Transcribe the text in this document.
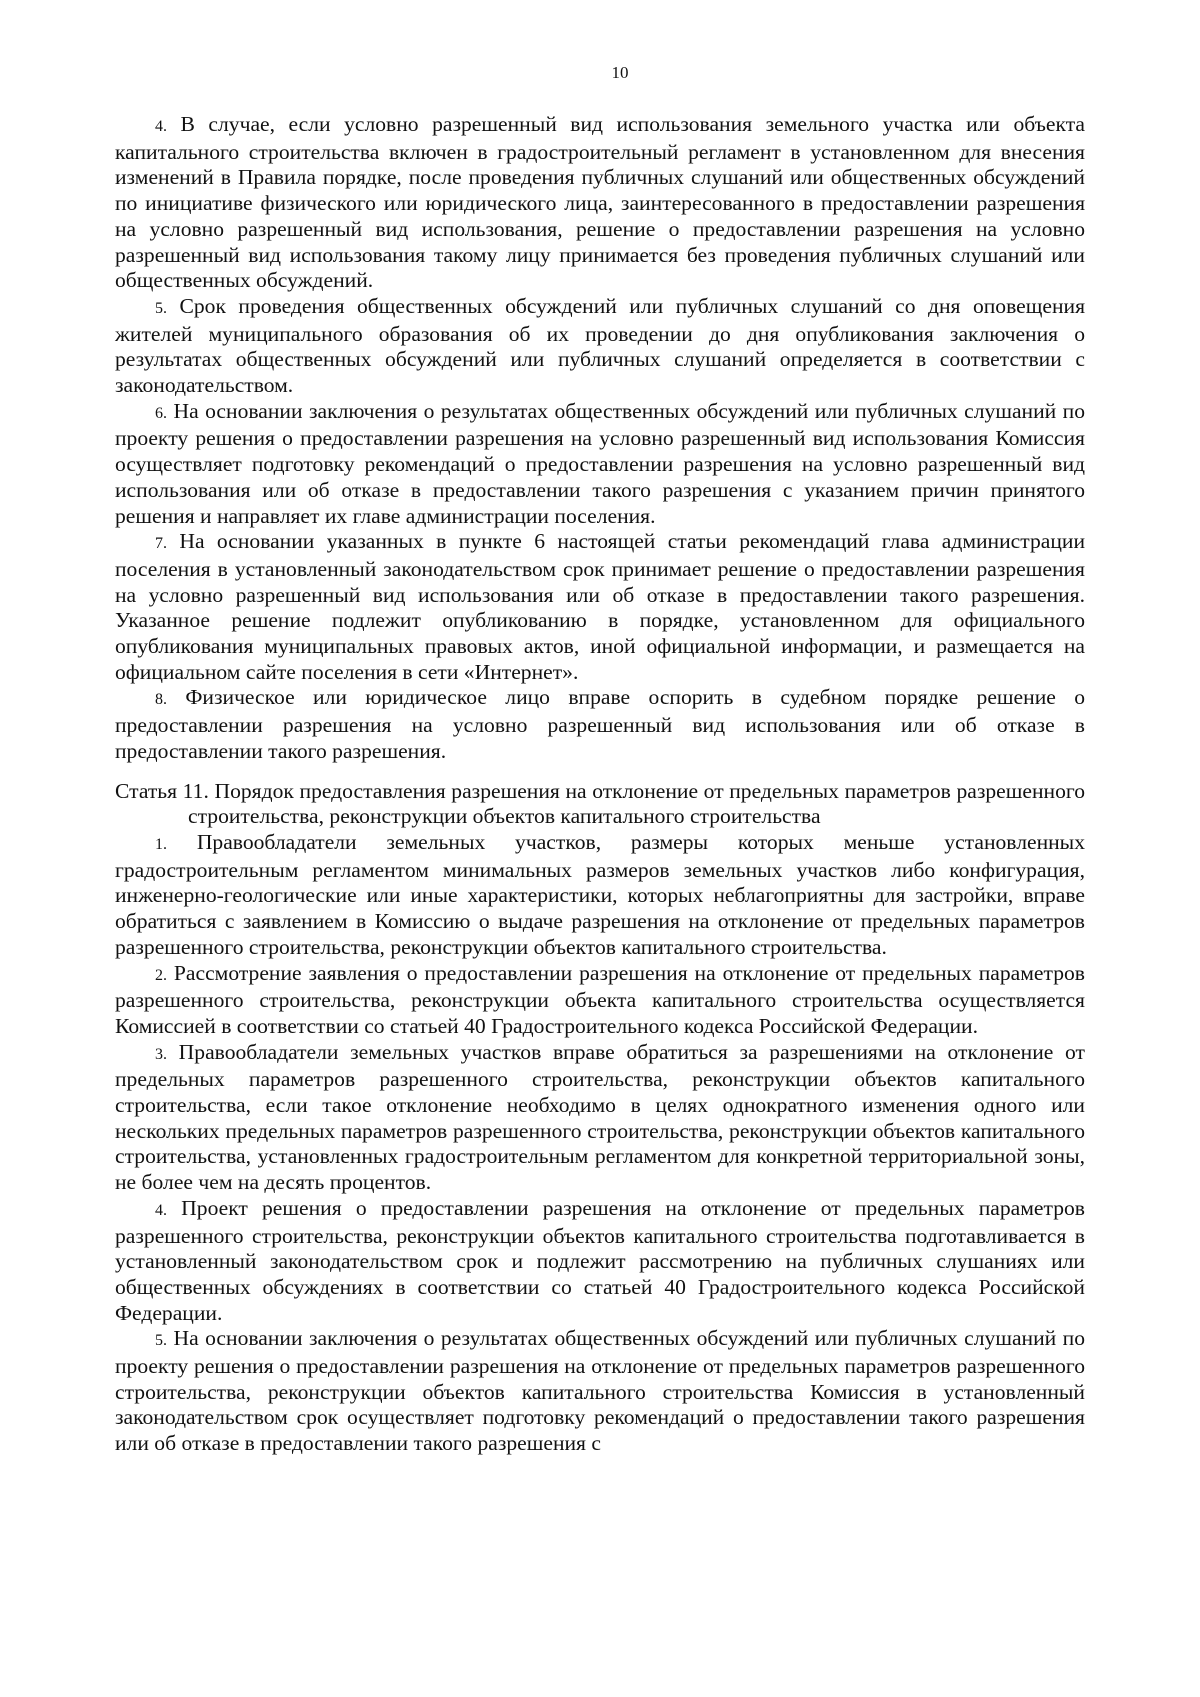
10

4. В случае, если условно разрешенный вид использования земельного участка или объекта капитального строительства включен в градостроительный регламент в установленном для внесения изменений в Правила порядке, после проведения публичных слушаний или общественных обсуждений по инициативе физического или юридического лица, заинтересованного в предоставлении разрешения на условно разрешенный вид использования, решение о предоставлении разрешения на условно разрешенный вид использования такому лицу принимается без проведения публичных слушаний или общественных обсуждений.

5. Срок проведения общественных обсуждений или публичных слушаний со дня оповещения жителей муниципального образования об их проведении до дня опубликования заключения о результатах общественных обсуждений или публичных слушаний определяется в соответствии с законодательством.

6. На основании заключения о результатах общественных обсуждений или публичных слушаний по проекту решения о предоставлении разрешения на условно разрешенный вид использования Комиссия осуществляет подготовку рекомендаций о предоставлении разрешения на условно разрешенный вид использования или об отказе в предоставлении такого разрешения с указанием причин принятого решения и направляет их главе администрации поселения.

7. На основании указанных в пункте 6 настоящей статьи рекомендаций глава администрации поселения в установленный законодательством срок принимает решение о предоставлении разрешения на условно разрешенный вид использования или об отказе в предоставлении такого разрешения. Указанное решение подлежит опубликованию в порядке, установленном для официального опубликования муниципальных правовых актов, иной официальной информации, и размещается на официальном сайте поселения в сети «Интернет».

8. Физическое или юридическое лицо вправе оспорить в судебном порядке решение о предоставлении разрешения на условно разрешенный вид использования или об отказе в предоставлении такого разрешения.

Статья 11. Порядок предоставления разрешения на отклонение от предельных параметров разрешенного строительства, реконструкции объектов капитального строительства

1. Правообладатели земельных участков, размеры которых меньше установленных градостроительным регламентом минимальных размеров земельных участков либо конфигурация, инженерно-геологические или иные характеристики, которых неблагоприятны для застройки, вправе обратиться с заявлением в Комиссию о выдаче разрешения на отклонение от предельных параметров разрешенного строительства, реконструкции объектов капитального строительства.

2. Рассмотрение заявления о предоставлении разрешения на отклонение от предельных параметров разрешенного строительства, реконструкции объекта капитального строительства осуществляется Комиссией в соответствии со статьей 40 Градостроительного кодекса Российской Федерации.

3. Правообладатели земельных участков вправе обратиться за разрешениями на отклонение от предельных параметров разрешенного строительства, реконструкции объектов капитального строительства, если такое отклонение необходимо в целях однократного изменения одного или нескольких предельных параметров разрешенного строительства, реконструкции объектов капитального строительства, установленных градостроительным регламентом для конкретной территориальной зоны, не более чем на десять процентов.

4. Проект решения о предоставлении разрешения на отклонение от предельных параметров разрешенного строительства, реконструкции объектов капитального строительства подготавливается в установленный законодательством срок и подлежит рассмотрению на публичных слушаниях или общественных обсуждениях в соответствии со статьей 40 Градостроительного кодекса Российской Федерации.

5. На основании заключения о результатах общественных обсуждений или публичных слушаний по проекту решения о предоставлении разрешения на отклонение от предельных параметров разрешенного строительства, реконструкции объектов капитального строительства Комиссия в установленный законодательством срок осуществляет подготовку рекомендаций о предоставлении такого разрешения или об отказе в предоставлении такого разрешения с
